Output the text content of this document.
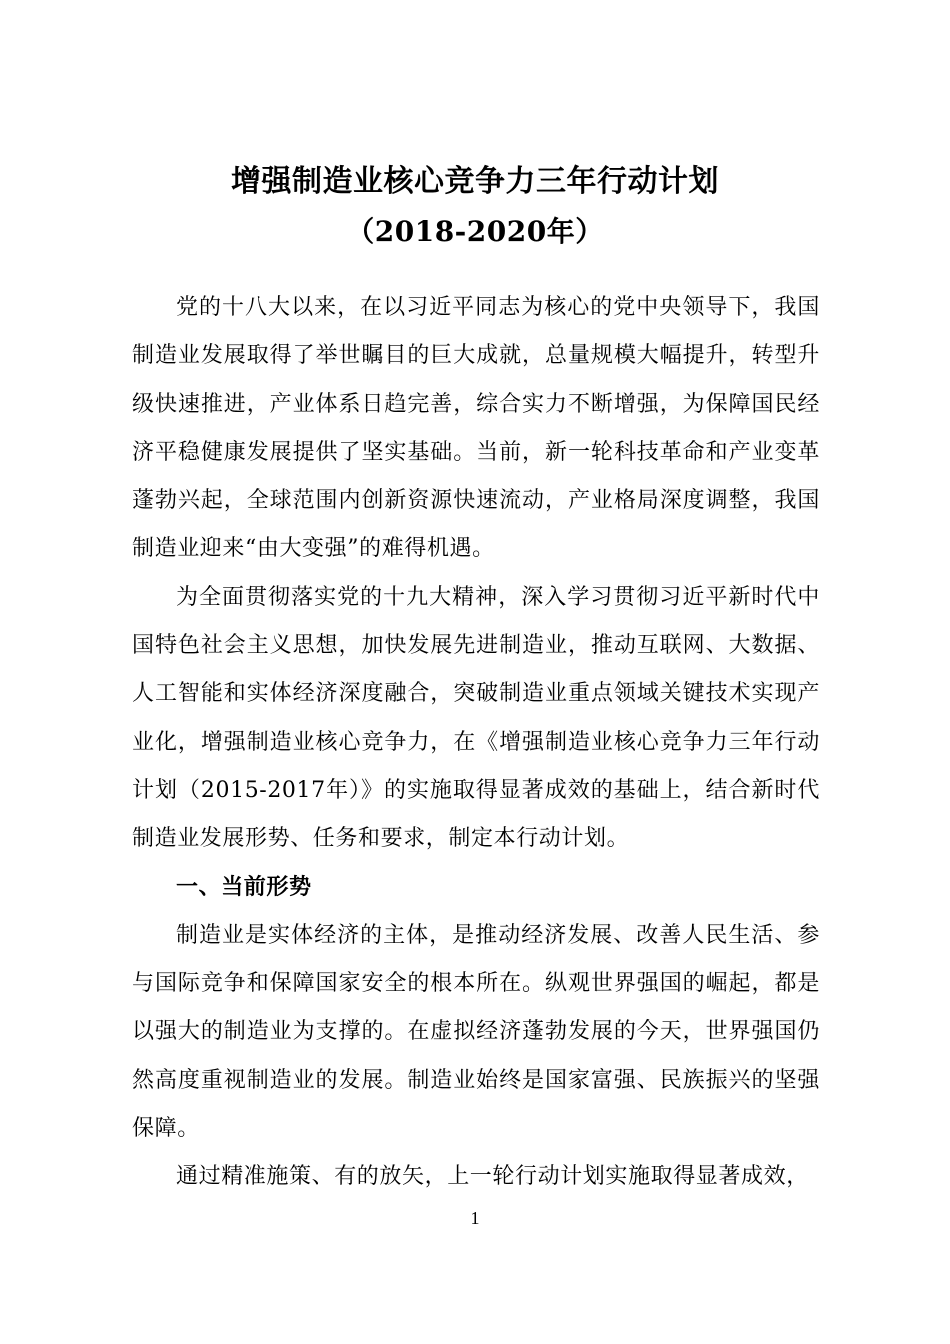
增强制造业核心竞争力三年行动计划
（2018-2020年）

党的十八大以来，在以习近平同志为核心的党中央领导下，我国制造业发展取得了举世瞩目的巨大成就，总量规模大幅提升，转型升级快速推进，产业体系日趋完善，综合实力不断增强，为保障国民经济平稳健康发展提供了坚实基础。当前，新一轮科技革命和产业变革蓬勃兴起，全球范围内创新资源快速流动，产业格局深度调整，我国制造业迎来“由大变强”的难得机遇。

为全面贯彻落实党的十九大精神，深入学习贯彻习近平新时代中国特色社会主义思想，加快发展先进制造业，推动互联网、大数据、人工智能和实体经济深度融合，突破制造业重点领域关键技术实现产业化，增强制造业核心竞争力，在《增强制造业核心竞争力三年行动计划（2015-2017年）》的实施取得显著成效的基础上，结合新时代制造业发展形势、任务和要求，制定本行动计划。

一、当前形势

制造业是实体经济的主体，是推动经济发展、改善人民生活、参与国际竞争和保障国家安全的根本所在。纵观世界强国的崛起，都是以强大的制造业为支撑的。在虚拟经济蓬勃发展的今天，世界强国仍然高度重视制造业的发展。制造业始终是国家富强、民族振兴的坚强保障。

通过精准施策、有的放矢，上一轮行动计划实施取得显著成效，

1
